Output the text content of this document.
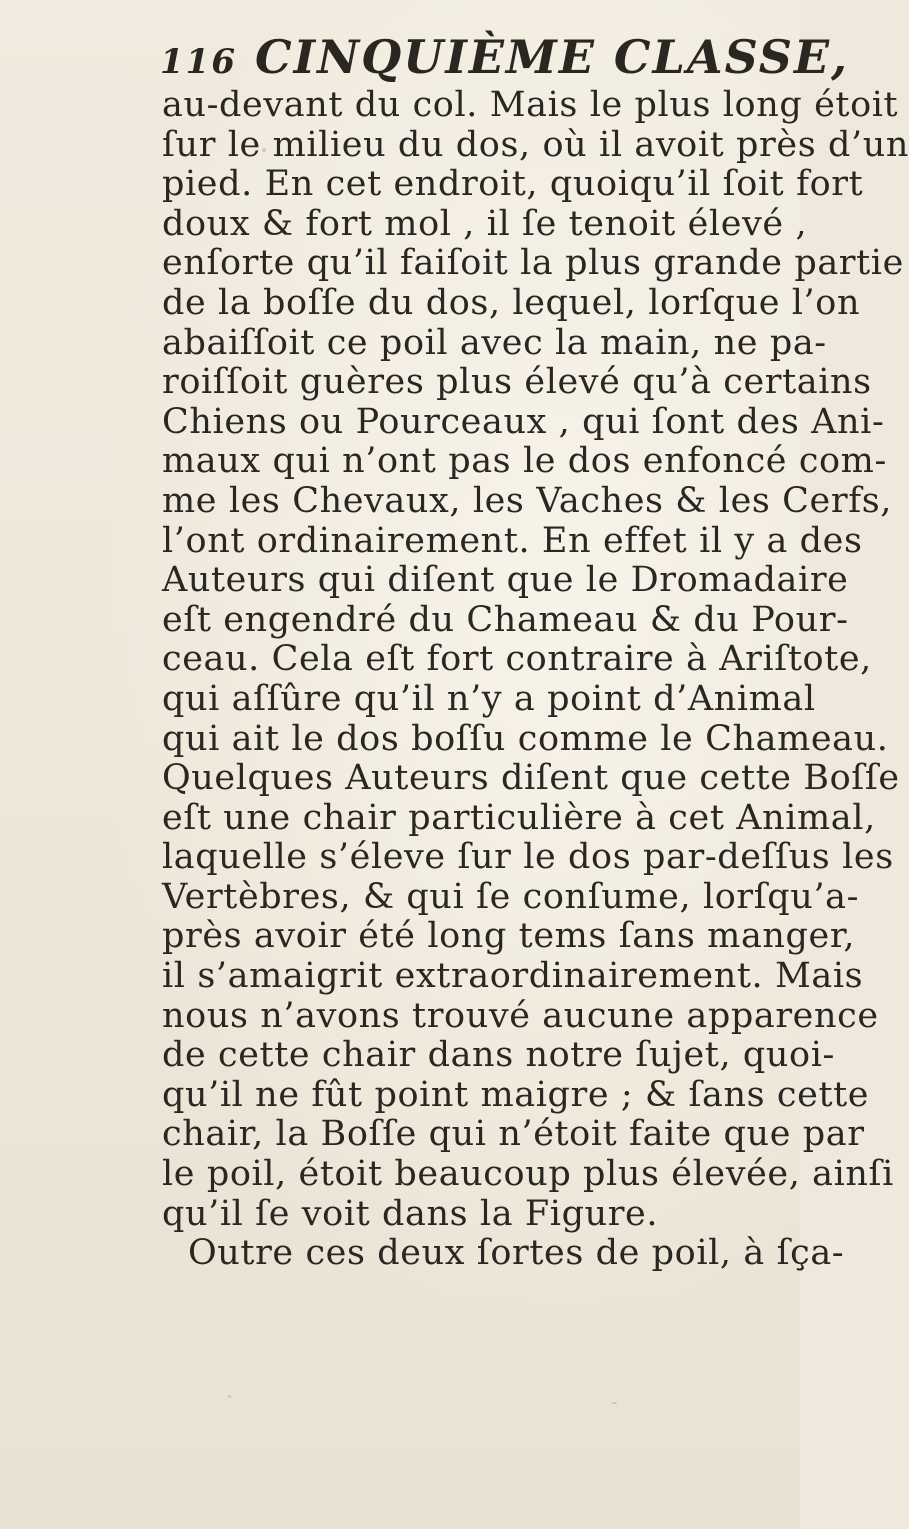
116 CINQUIÈME CLASSE,
au-devant du col. Mais le plus long étoit
ſur le milieu du dos, où il avoit près d’un
pied. En cet endroit, quoiqu’il ſoit fort
doux & fort mol , il ſe tenoit élevé ,
enſorte qu’il faiſoit la plus grande partie
de la boſſe du dos, lequel, lorſque l’on
abaiſſoit ce poil avec la main, ne pa-
roiſſoit guères plus élevé qu’à certains
Chiens ou Pourceaux , qui ſont des Ani-
maux qui n’ont pas le dos enfoncé com-
me les Chevaux, les Vaches & les Cerfs,
l’ont ordinairement. En effet il y a des
Auteurs qui diſent que le Dromadaire
eſt engendré du Chameau & du Pour-
ceau. Cela eſt fort contraire à Ariſtote,
qui aſſûre qu’il n’y a point d’Animal
qui ait le dos boſſu comme le Chameau.
Quelques Auteurs diſent que cette Boſſe
eſt une chair particulière à cet Animal,
laquelle s’éleve ſur le dos par-deſſus les
Vertèbres, & qui ſe conſume, lorſqu’a-
près avoir été long tems ſans manger,
il s’amaigrit extraordinairement. Mais
nous n’avons trouvé aucune apparence
de cette chair dans notre ſujet, quoi-
qu’il ne fût point maigre ; & ſans cette
chair, la Boſſe qui n’étoit faite que par
le poil, étoit beaucoup plus élevée, ainſi
qu’il ſe voit dans la Figure.
Outre ces deux ſortes de poil, à ſça-
